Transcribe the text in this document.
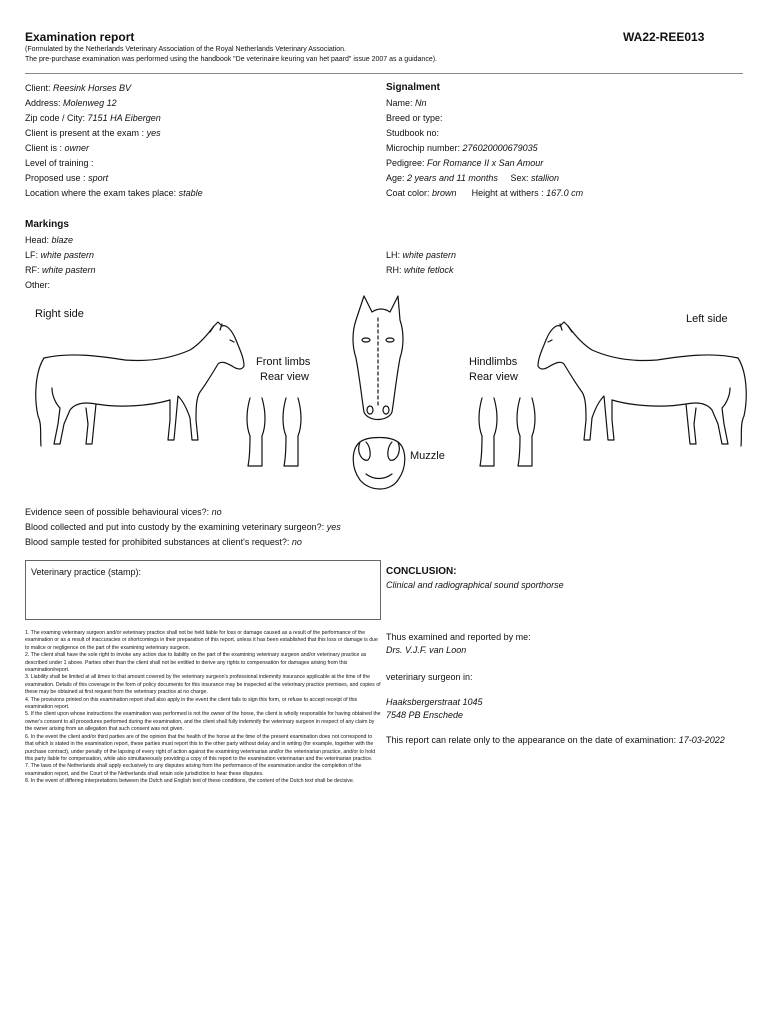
Examination report	WA22-REE013
(Formulated by the Netherlands Veterinary Association of the Royal Netherlands Veterinary Association.
The pre-purchase examination was performed using the handbook "De veterinaire keuring van het paard" issue 2007 as a guidance).
Client: Reesink Horses BV
Address: Molenweg 12
Zip code / City: 7151 HA Eibergen
Client is present at the exam : yes
Client is : owner
Level of training :
Proposed use : sport
Location where the exam takes place: stable
Signalment
Name: Nn
Breed or type:
Studbook no:
Microchip number: 276020000679035
Pedigree: For Romance II x San Amour
Age: 2 years and 11 months Sex: stallion
Coat color: brown Height at withers : 167.0 cm
Markings
Head: blaze
LF: white pastern
RF: white pastern
Other:
LH: white pastern
RH: white fetlock
Right side	Left side
Front limbs
Rear view
Hindlimbs
Rear view
Muzzle
Evidence seen of possible behavioural vices?: no
Blood collected and put into custody by the examining veterinary surgeon?: yes
Blood sample tested for prohibited substances at client's request?: no
Veterinary practice (stamp):	CONCLUSION:
Clinical and radiographical sound sporthorse
1. The examing veterinary surgeon and/or veterinary practice shall not be held liable for loss or damage caused as a result of the performance of the examination or as a result of inaccuracies or shortcomings in their preparation of this report, unless it has been established that this loss or damage is due to malice or negligence on the part of the examining veterinary surgeon.
2. The client shall have the sole right to invoke any action due to liability on the part of the examining veterinary surgeon and/or veterinary practice as described under 1 above. Parties other than the client shall not be entitled to derive any rights to compensation for damages arising from this examination/report.
3. Liability shall be limited at all times to that amount covered by the veterinary surgeon's professional indemnity insurance applicable at the time of the examination. Details of this coverage in the form of policy documents for this insurance may be inspected at the veterinary practice premises, and copies of these may be obtained at first request from the veterinary practice at no charge.
4. The provisions printed on this examination report shall also apply in the event the client fails to sign this form, or refuse to accept receipt of this examination report.
5. If the client upon whose instructions the examination was performed is not the owner of the horse, the client is wholly responsible for having obtained the owner's consent to all procedures performed during the examination, and the client shall fully indemnify the veterinary surgeon in respect of any claim by the owner arising from an allegation that such consent was not given.
6. In the event the client and/or third parties are of the opinion that the health of the horse at the time of the present examination does not correspond to that which is stated in the examination report, these parties must report this to the other party without delay and in writing (for example, together with the purchase contract), under penalty of the lapsing of every right of action against the examining veterinarian and/or the veterinarian practice, and/or to hold this party liable for compensation, while also simultaneously providing a copy of this report to the examination veterinarian and the veterinarian practice.
7. The laws of the Netherlands shall apply exclusively to any disputes arising from the performance of the examination and/or the completion of the examination report, and the Court of the Netherlands shall retain sole jurisdiction to hear these disputes.
8. In the event of differing interpretations between the Dutch and English text of these conditions, the content of the Dutch text shall be decisive.
Thus examined and reported by me:
Drs. V.J.F. van Loon
veterinary surgeon in:
Haaksbergerstraat 1045
7548 PB Enschede
This report can relate only to the appearance on the date of examination: 17-03-2022
